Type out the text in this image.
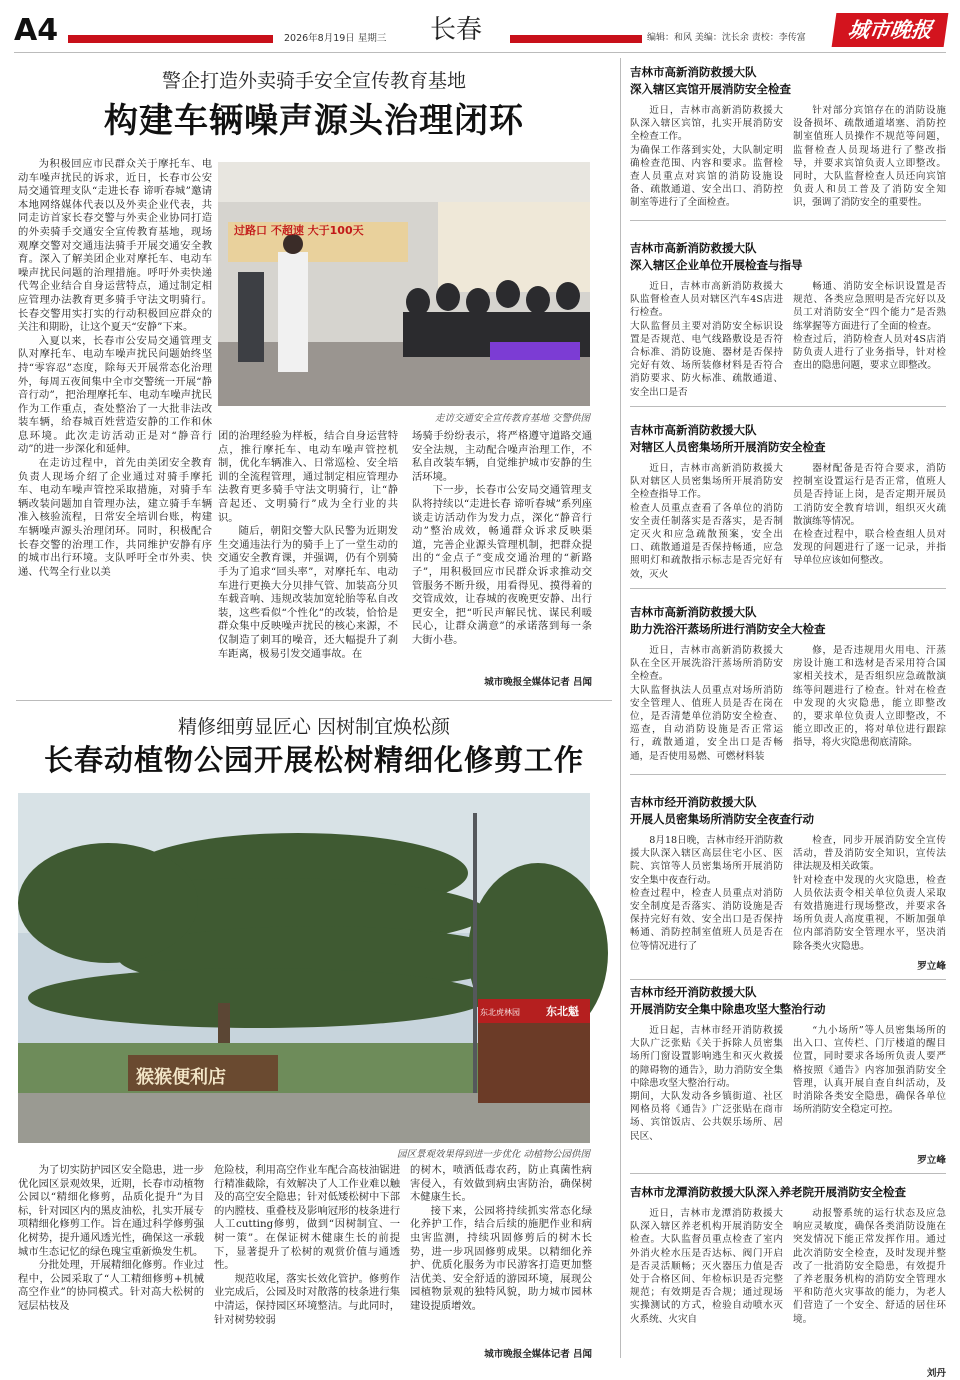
A4	2026年8月19日 星期三 长春	编辑：和风 美编：沈长余 责校：李传富	城市晚报
警企打造外卖骑手安全宣传教育基地
构建车辆噪声源头治理闭环

为积极回应市民群众关于摩托车、电动车噪声扰民的诉求，近日，长春市公安局交通管理支队“走进长春 谛听春城”邀请本地网络媒体代表以及外卖企业代表，共同走访首家长春交警与外卖企业协同打造的外卖骑手交通安全宣传教育基地，现场观摩交警对交通违法骑手开展交通安全教育。深入了解美团企业对摩托车、电动车噪声扰民问题的治理措施。呼吁外卖快递代驾企业结合自身运营特点，通过制定相应管理办法教育更多骑手守法文明骑行。长春交警用实打实的行动积极回应群众的关注和期盼，让这个夏天“安静”下来。

入夏以来，长春市公安局交通管理支队对摩托车、电动车噪声扰民问题始终坚持“零容忍”态度，除每天开展常态化治理外，每周五夜间集中全市交警统一开展“静音行动”，把治理摩托车、电动车噪声扰民作为工作重点，查处整治了一大批非法改装车辆，给春城百姓营造安静的工作和休息环境。此次走访活动正是对“静音行动”的进一步深化和延伸。

在走访过程中，首先由美团安全教育负责人现场介绍了企业通过对骑手摩托车、电动车噪声管控采取措施，对骑手车辆改装问题加自管理办法，建立骑手车辆准入核验流程，日常安全培训台账，构建车辆噪声源头治理闭环。同时，积极配合长春交警的治理工作，共同维护安静有序的城市出行环境。支队呼吁全市外卖、快递、代驾全行业以美

过路口 不超速 大于100天
走访交通安全宣传教育基地 交警供图

团的治理经验为样板，结合自身运营特点，推行摩托车、电动车噪声管控机制，优化车辆准入、日常巡检、安全培训的全流程管理，通过制定相应管理办法教育更多骑手守法文明骑行，让“静音起还、文明骑行”成为全行业的共识。

随后，朝阳交警大队民警为近期发生交通违法行为的骑手上了一堂生动的交通安全教育课，并强调，仍有个别骑手为了追求“回头率”，对摩托车、电动车进行更换大分贝排气管、加装高分贝车载音响、违规改装加宽轮胎等私自改装，这些看似“个性化”的改装，恰恰是群众集中反映噪声扰民的核心来源，不仅制造了刺耳的噪音，还大幅提升了刹车距离，极易引发交通事故。在

场骑手纷纷表示，将严格遵守道路交通安全法规，主动配合噪声治理工作，不私自改装车辆，自觉维护城市安静的生活环境。

下一步，长春市公安局交通管理支队将持续以“走进长春 谛听春城”系列座谈走访活动作为发力点，深化“静音行动”整治成效，畅通群众诉求反映渠道，完善企业源头管理机制，把群众提出的“金点子”变成交通治理的“新路子”，用积极回应市民群众诉求推动交管服务不断升级，用看得见、摸得着的交管成效，让春城的夜晚更安静、出行更安全，把“听民声解民忧、谋民利暖民心，让群众满意”的承诺落到每一条大街小巷。

城市晚报全媒体记者 吕闻
精修细剪显匠心 因树制宜焕松颜
长春动植物公园开展松树精细化修剪工作
东北魁
东北虎林园
猴猴便利店
园区景观效果得到进一步优化 动植物公园供图

为了切实防护园区安全隐患，进一步优化园区景观效果，近期，长春市动植物公园以“精细化修剪，品质化提升”为目标，针对园区内的黑皮油松，扎实开展专项精细化修剪工作。旨在通过科学修剪强化树势，提升通风透光性，确保这一承载城市生态记忆的绿色瑰宝重新焕发生机。

分批处理，开展精细化修剪。作业过程中，公园采取了“人工精细修剪+机械高空作业”的协同模式。针对高大松树的冠层枯枝及

危险枝，利用高空作业车配合高枝油锯进行精准截除，有效解决了人工作业难以触及的高空安全隐患；针对低矮松树中下部的内膛枝、重叠枝及影响冠形的枝条进行人工cutting修剪，做到“因树制宜、一树一策”。在保证树木健康生长的前提下，显著提升了松树的观赏价值与通透性。

规范收尾，落实长效化管护。修剪作业完成后，公园及时对散落的枝条进行集中清运，保持园区环境整洁。与此同时，针对树势较弱

的树木，喷洒低毒农药，防止真菌性病害侵入，有效做到病虫害防治，确保树木健康生长。

接下来，公园将持续抓实常态化绿化养护工作，结合后续的施肥作业和病虫害监测，持续巩固修剪后的树木长势，进一步巩固修剪成果。以精细化养护、优质化服务为市民游客打造更加整洁优美、安全舒适的游园环境，展现公园植物景观的独特风貌，助力城市园林建设提质增效。

城市晚报全媒体记者 吕闻
吉林市高新消防救援大队
深入辖区宾馆开展消防安全检查

近日，吉林市高新消防救援大队深入辖区宾馆，扎实开展消防安全检查工作。
为确保工作落到实处，大队制定明确检查范围、内容和要求。监督检查人员重点对宾馆的消防设施设备、疏散通道、安全出口、消防控制室等进行了全面检查。

针对部分宾馆存在的消防设施设备损坏、疏散通道堵塞、消防控制室值班人员操作不规范等问题，监督检查人员现场进行了整改指导，并要求宾馆负责人立即整改。同时，大队监督检查人员还向宾馆负责人和员工普及了消防安全知识，强调了消防安全的重要性。

吉林市高新消防救援大队
深入辖区企业单位开展检查与指导

近日，吉林市高新消防救援大队监督检查人员对辖区汽车4S店进行检查。
大队监督员主要对消防安全标识设置是否规范、电气线路敷设是否符合标准、消防设施、器材是否保持完好有效、场所装修材料是否符合消防要求、防火标准、疏散通道、安全出口是否

畅通、消防安全标识设置是否规范、各类应急照明是否完好以及员工对消防安全“四个能力”是否熟练掌握等方面进行了全面的检查。
检查过后，消防检查人员对4S店消防负责人进行了业务指导，针对检查出的隐患问题，要求立即整改。

吉林市高新消防救援大队
对辖区人员密集场所开展消防安全检查

近日，吉林市高新消防救援大队对辖区人员密集场所开展消防安全检查指导工作。
检查人员重点查看了各单位的消防安全责任制落实是否落实，是否制定灭火和应急疏散预案，安全出口、疏散通道是否保持畅通，应急照明灯和疏散指示标志是否完好有效，灭火

器材配备是否符合要求，消防控制室设置运行是否正常，值班人员是否持证上岗，是否定期开展员工消防安全教育培训，组织灭火疏散演练等情况。
在检查过程中，联合检查组人员对发现的问题进行了逐一记录，并指导单位应该如何整改。

吉林市高新消防救援大队
助力洗浴汗蒸场所进行消防安全大检查

近日，吉林市高新消防救援大队在全区开展洗浴汗蒸场所消防安全检查。
大队监督执法人员重点对场所消防安全管理人、值班人员是否在岗在位，是否清楚单位消防安全检查、巡查，自动消防设施是否正常运行，疏散通道，安全出口是否畅通，是否使用易燃、可燃材料装

修，是否违规用火用电、汗蒸房设计施工和选材是否采用符合国家相关技术，是否组织应急疏散演练等问题进行了检查。针对在检查中发现的火灾隐患，能立即整改的，要求单位负责人立即整改，不能立即改正的，将对单位进行跟踪指导，将火灾隐患彻底清除。

吉林市经开消防救援大队
开展人员密集场所消防安全夜查行动

8月18日晚，吉林市经开消防救援大队深入辖区高层住宅小区、医院、宾馆等人员密集场所开展消防安全集中夜查行动。
检查过程中，检查人员重点对消防安全制度是否落实、消防设施是否保持完好有效、安全出口是否保持畅通、消防控制室值班人员是否在位等情况进行了

检查，同步开展消防安全宣传活动，普及消防安全知识，宣传法律法规及相关政策。
针对检查中发现的火灾隐患，检查人员依法责令相关单位负责人采取有效措施进行现场整改，并要求各场所负责人高度重视，不断加强单位内部消防安全管理水平，坚决消除各类火灾隐患。

罗立峰
吉林市经开消防救援大队
开展消防安全集中除患攻坚大整治行动

近日起，吉林市经开消防救援大队广泛张贴《关于拆除人员密集场所门窗设置影响逃生和灭火救援的障碍物的通告》，助力消防安全集中除患攻坚大整治行动。
期间，大队发动各乡镇街道、社区网格员将《通告》广泛张贴在商市场、宾馆饭店、公共娱乐场所、居民区、

“九小场所”等人员密集场所的出入口、宣传栏、门厅楼道的醒目位置，同时要求各场所负责人要严格按照《通告》内容加强消防安全管理，认真开展自查自纠活动，及时消除各类安全隐患，确保各单位场所消防安全稳定可控。

罗立峰
吉林市龙潭消防救援大队深入养老院开展消防安全检查

近日，吉林市龙潭消防救援大队深入辖区养老机构开展消防安全检查。大队监督员重点检查了室内外消火栓水压是否达标、阀门开启是否灵活顺畅；灭火器压力值是否处于合格区间、年检标识是否完整规范；有效期是否合规；通过现场实操测试的方式，检验自动喷水灭火系统、火灾自

动报警系统的运行状态及应急响应灵敏度，确保各类消防设施在突发情况下能正常发挥作用。通过此次消防安全检查，及时发现并整改了一批消防安全隐患，有效提升了养老服务机构的消防安全管理水平和防范火灾事故的能力，为老人们营造了一个安全、舒适的居住环境。

刘丹
